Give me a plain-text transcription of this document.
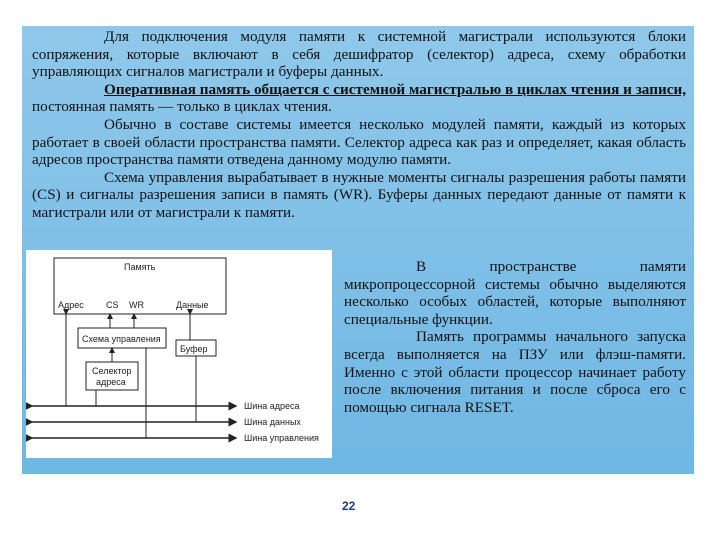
Для подключения модуля памяти к системной магистрали используются блоки сопряжения, которые включают в себя дешифратор (селектор) адреса, схему обработки управляющих сигналов магистрали и буферы данных.

Оперативная память общается с системной магистралью в циклах чтения и записи, постоянная память — только в циклах чтения.

Обычно в составе системы имеется несколько модулей памяти, каждый из которых работает в своей области пространства памяти. Селектор адреса как раз и определяет, какая область адресов пространства памяти отведена данному модулю памяти.

Схема управления вырабатывает в нужные моменты сигналы разрешения работы памяти (CS) и сигналы разрешения записи в память (WR). Буферы данных передают данные от памяти к магистрали или от магистрали к памяти.

Память
Адрес CS WR	Данные
Схема управления
Буфер
Селектор
адреса
Шина адреса
Шина данных
Шина управления

В пространстве памяти микропроцессорной системы обычно выделяются несколько особых областей, которые выполняют специальные функции.

Память программы начального запуска всегда выполняется на ПЗУ или флэш-памяти. Именно с этой области процессор начинает работу после включения питания и после сброса его с помощью сигнала RESET.

22
